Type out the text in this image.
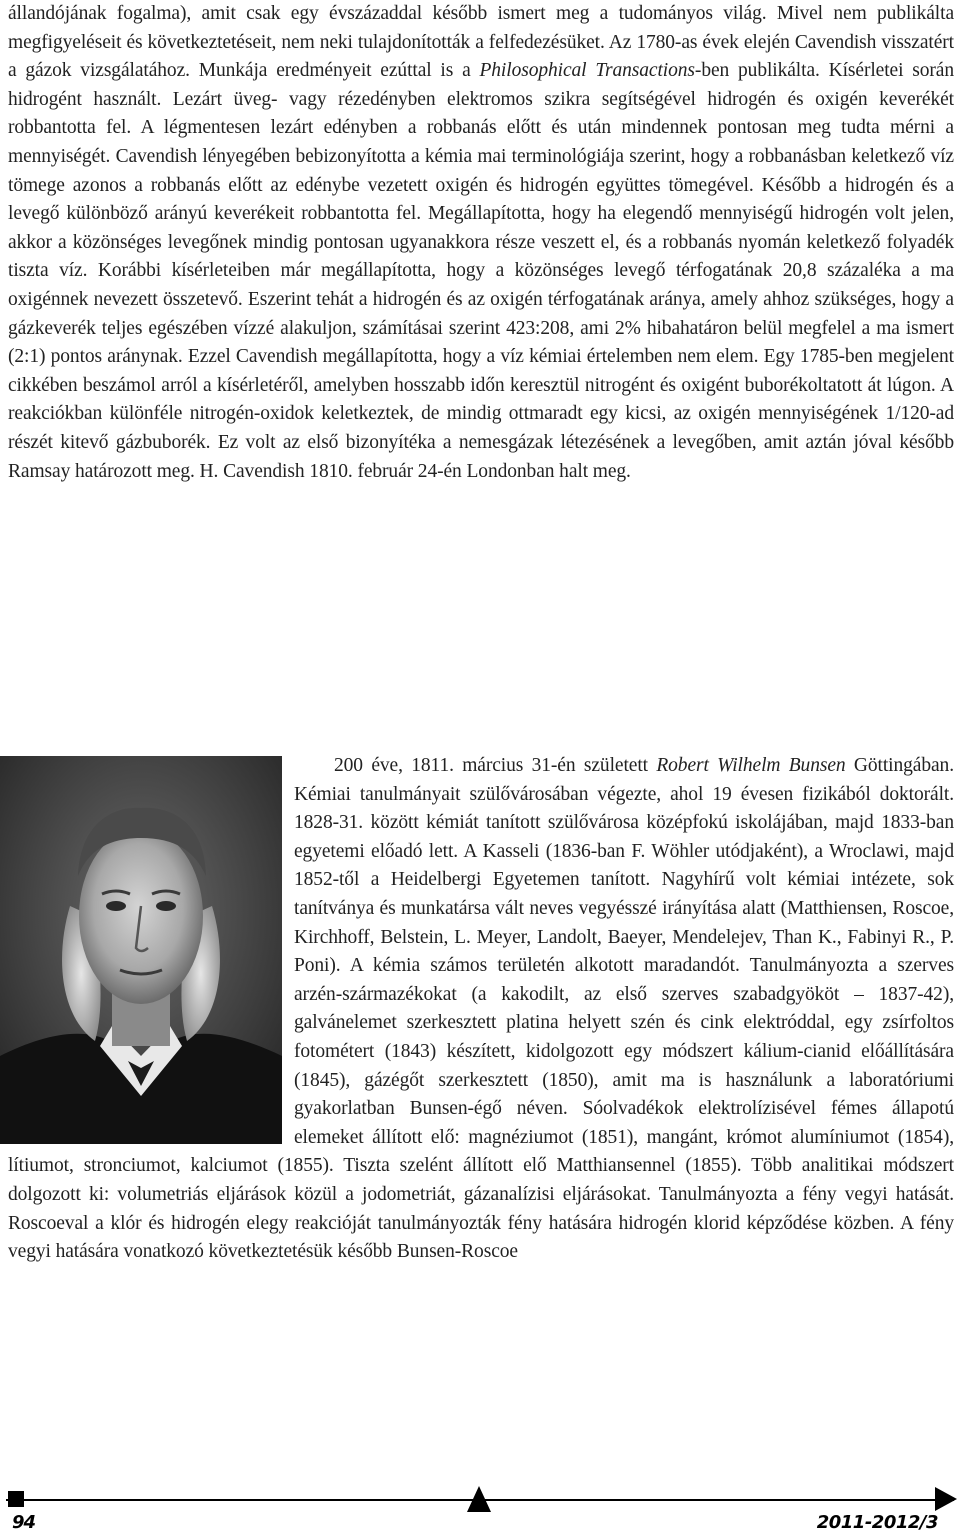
állandójának fogalma), amit csak egy évszázaddal később ismert meg a tudományos világ. Mivel nem publikálta megfigyeléseit és következtetéseit, nem neki tulajdonították a felfedezésüket. Az 1780-as évek elején Cavendish visszatért a gázok vizsgálatához. Munkája eredményeit ezúttal is a Philosophical Transactions-ben publikálta. Kísérletei során hidrogént használt. Lezárt üveg- vagy rézedényben elektromos szikra segítségével hidrogén és oxigén keverékét robbantotta fel. A légmentesen lezárt edényben a robbanás előtt és után mindennek pontosan meg tudta mérni a mennyiségét. Cavendish lényegében bebizonyította a kémia mai terminológiája szerint, hogy a robbanásban keletkező víz tömege azonos a robbanás előtt az edénybe vezetett oxigén és hidrogén együttes tömegével. Később a hidrogén és a levegő különböző arányú keverékeit robbantotta fel. Megállapította, hogy ha elegendő mennyiségű hidrogén volt jelen, akkor a közönséges levegőnek mindig pontosan ugyanakkora része veszett el, és a robbanás nyomán keletkező folyadék tiszta víz. Korábbi kísérleteiben már megállapította, hogy a közönséges levegő térfogatának 20,8 százaléka a ma oxigénnek nevezett összetevő. Eszerint tehát a hidrogén és az oxigén térfogatának aránya, amely ahhoz szükséges, hogy a gázkeverék teljes egészében vízzé alakuljon, számításai szerint 423:208, ami 2% hibahatáron belül megfelel a ma ismert (2:1) pontos aránynak. Ezzel Cavendish megállapította, hogy a víz kémiai értelemben nem elem. Egy 1785-ben megjelent cikkében beszámol arról a kísérletéről, amelyben hosszabb időn keresztül nitrogént és oxigént buborékoltatott át lúgon. A reakciókban különféle nitrogén-oxidok keletkeztek, de mindig ottmaradt egy kicsi, az oxigén mennyiségének 1/120-ad részét kitevő gázbuborék. Ez volt az első bizonyítéka a nemesgázak létezésének a levegőben, amit aztán jóval később Ramsay határozott meg. H. Cavendish 1810. február 24-én Londonban halt meg.

200 éve, 1811. március 31-én született Robert Wilhelm Bunsen Göttingában. Kémiai tanulmányait szülővárosában végezte, ahol 19 évesen fizikából doktorált. 1828-31. között kémiát tanított szülővárosa középfokú iskolájában, majd 1833-ban egyetemi előadó lett. A Kasseli (1836-ban F. Wöhler utódjaként), a Wroclawi, majd 1852-től a Heidelbergi Egyetemen tanított. Nagyhírű volt kémiai intézete, sok tanítványa és munkatársa vált neves vegyésszé irányítása alatt (Matthiensen, Roscoe, Kirchhoff, Belstein, L. Meyer, Landolt, Baeyer, Mendelejev, Than K., Fabinyi R., P. Poni). A kémia számos területén alkotott maradandót. Tanulmányozta a szerves arzén-származékokat (a kakodilt, az első szerves szabadgyököt – 1837-42), galvánelemet szerkesztett platina helyett szén és cink elektróddal, egy zsírfoltos fotométert (1843) készített, kidolgozott egy módszert kálium-cianid előállítására (1845), gázégőt szerkesztett (1850), amit ma is használunk a laboratóriumi gyakorlatban Bunsen-égő néven. Sóolvadékok elektrolízisével fémes állapotú elemeket állított elő: magnéziumot (1851), mangánt, krómot alumíniumot (1854), lítiumot, stronciumot, kalciumot (1855). Tiszta szelént állított elő Matthiansennel (1855). Több analitikai módszert dolgozott ki: volumetriás eljárások közül a jodometriát, gázanalízisi eljárásokat. Tanulmányozta a fény vegyi hatását. Roscoeval a klór és hidrogén elegy reakcióját tanulmányozták fény hatására hidrogén klorid képződése közben. A fény vegyi hatására vonatkozó következtetésük később Bunsen-Roscoe

94	2011-2012/3
